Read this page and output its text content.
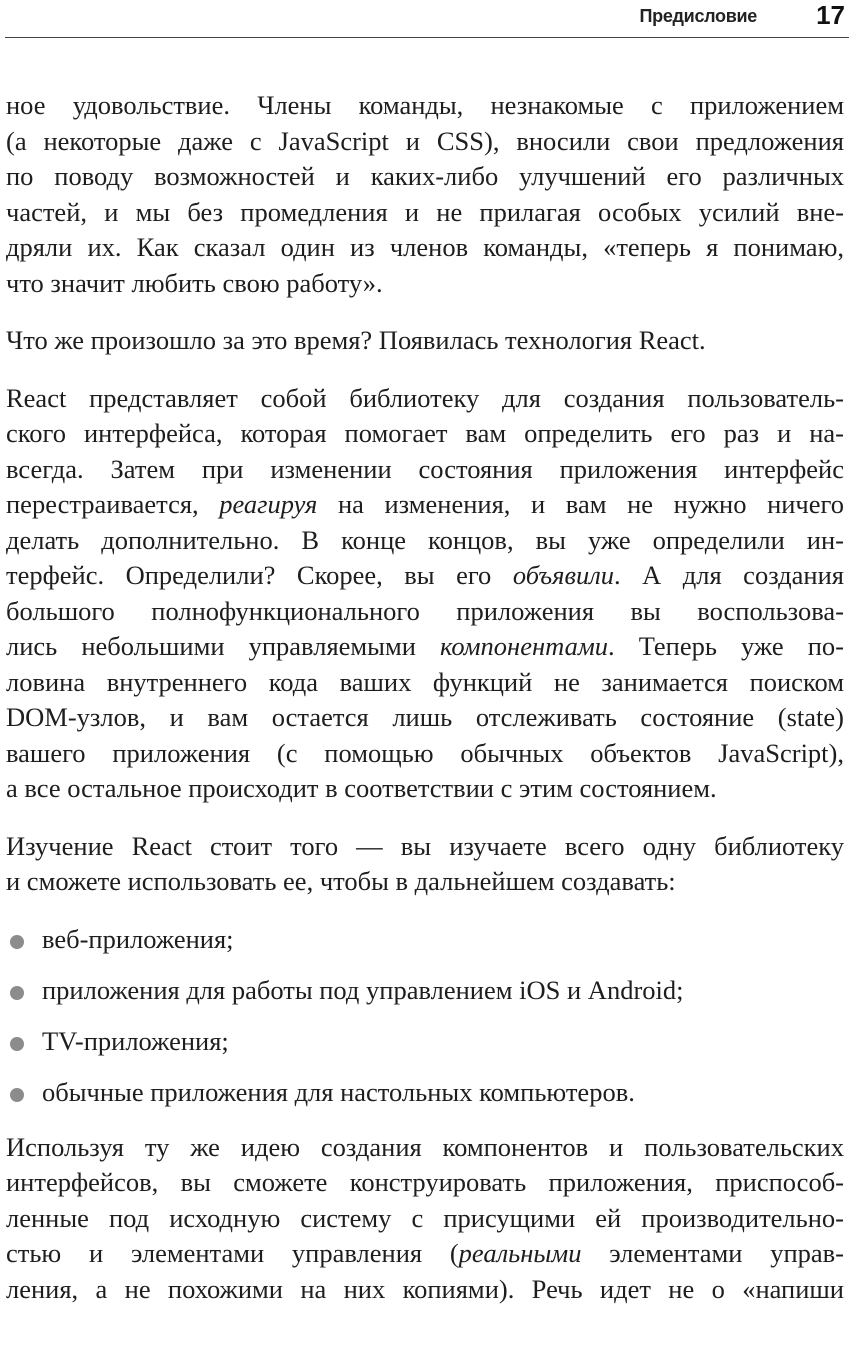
Предисловие 17

ное удовольствие. Члены команды, незнакомые с приложением
(а некоторые даже с JavaScript и CSS), вносили свои предложения
по поводу возможностей и каких-либо улучшений его различных
частей, и мы без промедления и не прилагая особых усилий вне-
дряли их. Как сказал один из членов команды, «теперь я понимаю,
что значит любить свою работу».

Что же произошло за это время? Появилась технология React.

React представляет собой библиотеку для создания пользователь-
ского интерфейса, которая помогает вам определить его раз и на-
всегда. Затем при изменении состояния приложения интерфейс
перестраивается, реагируя на изменения, и вам не нужно ничего
делать дополнительно. В конце концов, вы уже определили ин-
терфейс. Определили? Скорее, вы его объявили. А для создания
большого полнофункционального приложения вы воспользова-
лись небольшими управляемыми компонентами. Теперь уже по-
ловина внутреннего кода ваших функций не занимается поиском
DOM-узлов, и вам остается лишь отслеживать состояние (state)
вашего приложения (с помощью обычных объектов JavaScript),
а все остальное происходит в соответствии с этим состоянием.

Изучение React стоит того — вы изучаете всего одну библиотеку
и сможете использовать ее, чтобы в дальнейшем создавать:

веб-приложения;
приложения для работы под управлением iOS и Android;
TV-приложения;
обычные приложения для настольных компьютеров.

Используя ту же идею создания компонентов и пользовательских
интерфейсов, вы сможете конструировать приложения, приспособ-
ленные под исходную систему с присущими ей производительно-
стью и элементами управления (реальными элементами управ-
ления, а не похожими на них копиями). Речь идет не о «напиши
